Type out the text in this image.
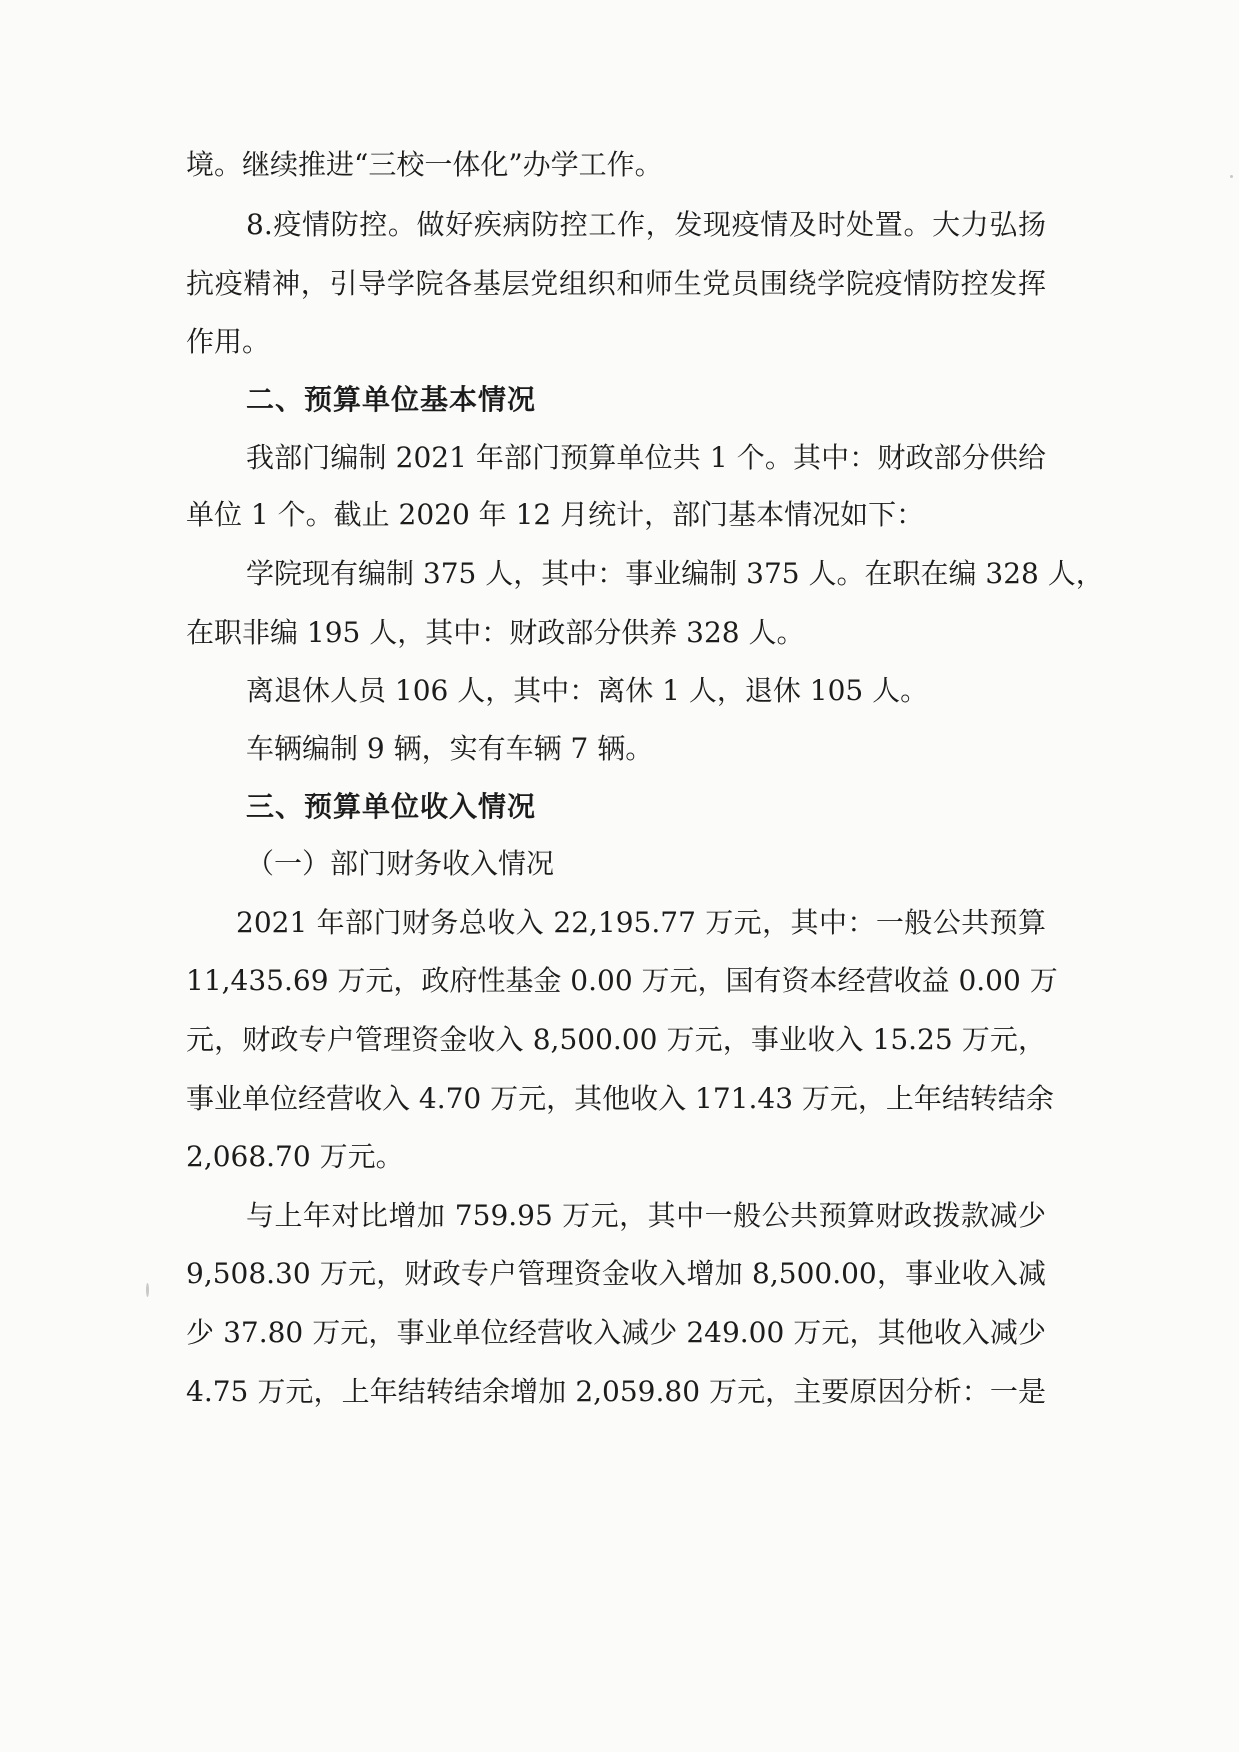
境。继续推进“三校一体化”办学工作。
8.疫情防控。做好疾病防控工作，发现疫情及时处置。大力弘扬
抗疫精神，引导学院各基层党组织和师生党员围绕学院疫情防控发挥
作用。
二、预算单位基本情况
我部门编制 2021 年部门预算单位共 1 个。其中：财政部分供给
单位 1 个。截止 2020 年 12 月统计，部门基本情况如下：
学院现有编制 375 人，其中：事业编制 375 人。在职在编 328 人，
在职非编 195 人，其中：财政部分供养 328 人。
离退休人员 106 人，其中：离休 1 人，退休 105 人。
车辆编制 9 辆，实有车辆 7 辆。
三、预算单位收入情况
（一）部门财务收入情况
2021 年部门财务总收入 22,195.77 万元，其中：一般公共预算
11,435.69 万元，政府性基金 0.00 万元，国有资本经营收益 0.00 万
元，财政专户管理资金收入 8,500.00 万元，事业收入 15.25 万元，
事业单位经营收入 4.70 万元，其他收入 171.43 万元，上年结转结余
2,068.70 万元。
与上年对比增加 759.95 万元，其中一般公共预算财政拨款减少
9,508.30 万元，财政专户管理资金收入增加 8,500.00，事业收入减
少 37.80 万元，事业单位经营收入减少 249.00 万元，其他收入减少
4.75 万元，上年结转结余增加 2,059.80 万元，主要原因分析：一是
